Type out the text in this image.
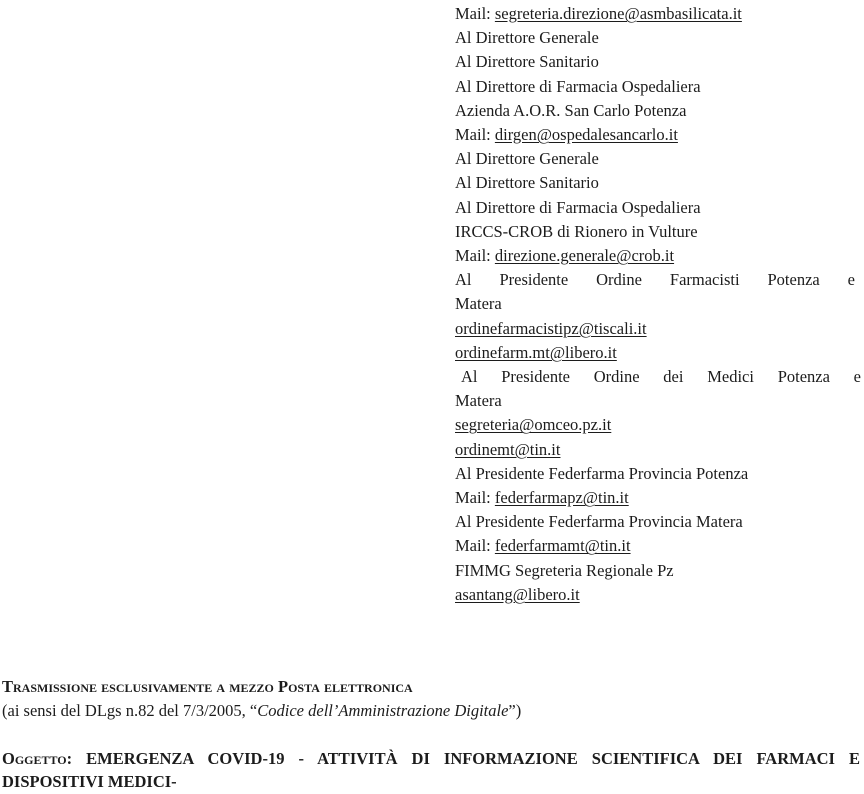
Mail: segreteria.direzione@asmbasilicata.it
Al Direttore Generale
Al Direttore Sanitario
Al Direttore di Farmacia Ospedaliera
Azienda A.O.R. San Carlo Potenza
Mail: dirgen@ospedalesancarlo.it
Al Direttore Generale
Al Direttore Sanitario
Al Direttore di Farmacia Ospedaliera
IRCCS-CROB di Rionero in Vulture
Mail: direzione.generale@crob.it
Al Presidente Ordine Farmacisti Potenza e
Matera
ordinefarmacistipz@tiscali.it
ordinefarm.mt@libero.it
Al Presidente Ordine dei Medici Potenza e
Matera
segreteria@omceo.pz.it
ordinemt@tin.it
Al Presidente Federfarma Provincia Potenza
Mail: federfarmapz@tin.it
Al Presidente Federfarma Provincia Matera
Mail: federfarmamt@tin.it
FIMMG Segreteria Regionale Pz
asantang@libero.it
Trasmissione esclusivamente a mezzo Posta elettronica
(ai sensi del DLgs n.82 del 7/3/2005, “Codice dell’Amministrazione Digitale”)
Oggetto: EMERGENZA COVID-19 - ATTIVITÀ DI INFORMAZIONE SCIENTIFICA DEI FARMACI E
DISPOSITIVI MEDICI-
